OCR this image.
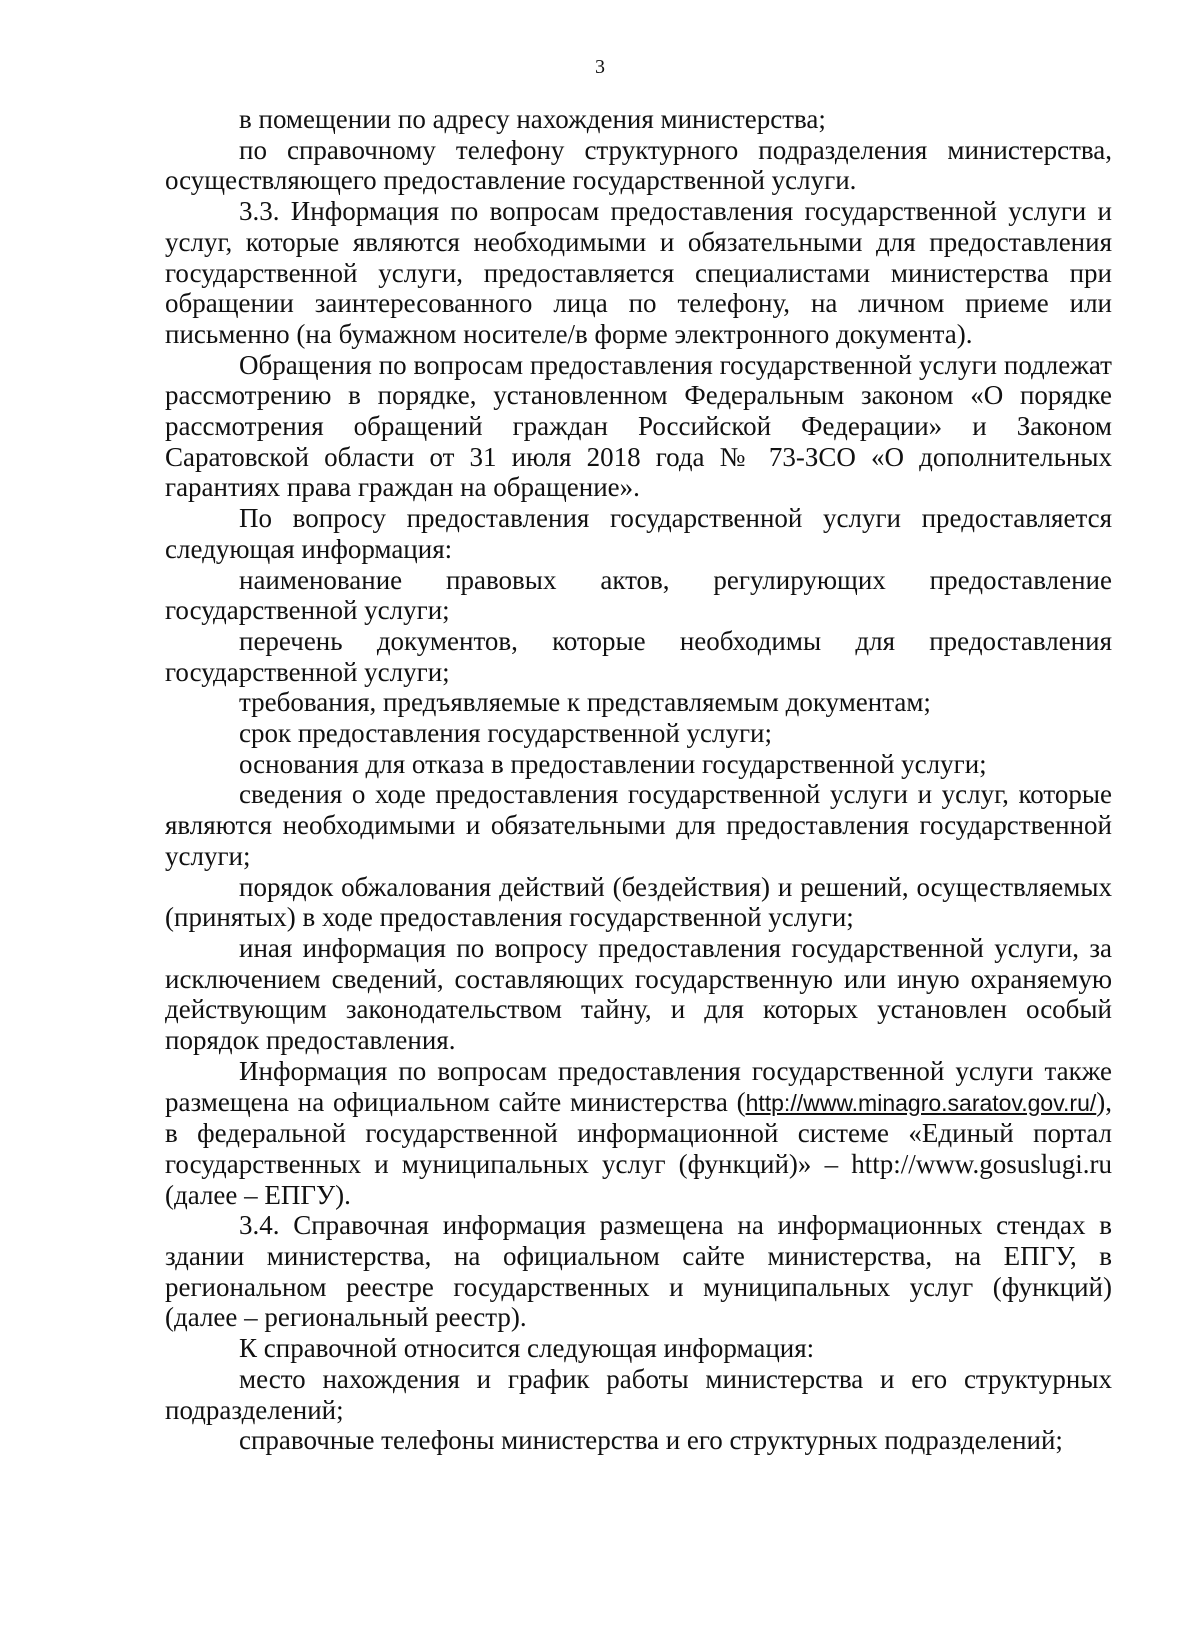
3

в помещении по адресу нахождения министерства;

по справочному телефону структурного подразделения министерства, осуществляющего предоставление государственной услуги.

3.3. Информация по вопросам предоставления государственной услуги и услуг, которые являются необходимыми и обязательными для предоставления государственной услуги, предоставляется специалистами министерства при обращении заинтересованного лица по телефону, на личном приеме или письменно (на бумажном носителе/в форме электронного документа).

Обращения по вопросам предоставления государственной услуги подлежат рассмотрению в порядке, установленном Федеральным законом «О порядке рассмотрения обращений граждан Российской Федерации» и Законом Саратовской области от 31 июля 2018 года № 73-ЗСО «О дополнительных гарантиях права граждан на обращение».

По вопросу предоставления государственной услуги предоставляется следующая информация:

наименование правовых актов, регулирующих предоставление государственной услуги;

перечень документов, которые необходимы для предоставления государственной услуги;

требования, предъявляемые к представляемым документам;

срок предоставления государственной услуги;

основания для отказа в предоставлении государственной услуги;

сведения о ходе предоставления государственной услуги и услуг, которые являются необходимыми и обязательными для предоставления государственной услуги;

порядок обжалования действий (бездействия) и решений, осуществляемых (принятых) в ходе предоставления государственной услуги;

иная информация по вопросу предоставления государственной услуги, за исключением сведений, составляющих государственную или иную охраняемую действующим законодательством тайну, и для которых установлен особый порядок предоставления.

Информация по вопросам предоставления государственной услуги также размещена на официальном сайте министерства (http://www.minagro.saratov.gov.ru/), в федеральной государственной информационной системе «Единый портал государственных и муниципальных услуг (функций)» – http://www.gosuslugi.ru (далее – ЕПГУ).

3.4. Справочная информация размещена на информационных стендах в здании министерства, на официальном сайте министерства, на ЕПГУ, в региональном реестре государственных и муниципальных услуг (функций) (далее – региональный реестр).

К справочной относится следующая информация:

место нахождения и график работы министерства и его структурных подразделений;

справочные телефоны министерства и его структурных подразделений;
